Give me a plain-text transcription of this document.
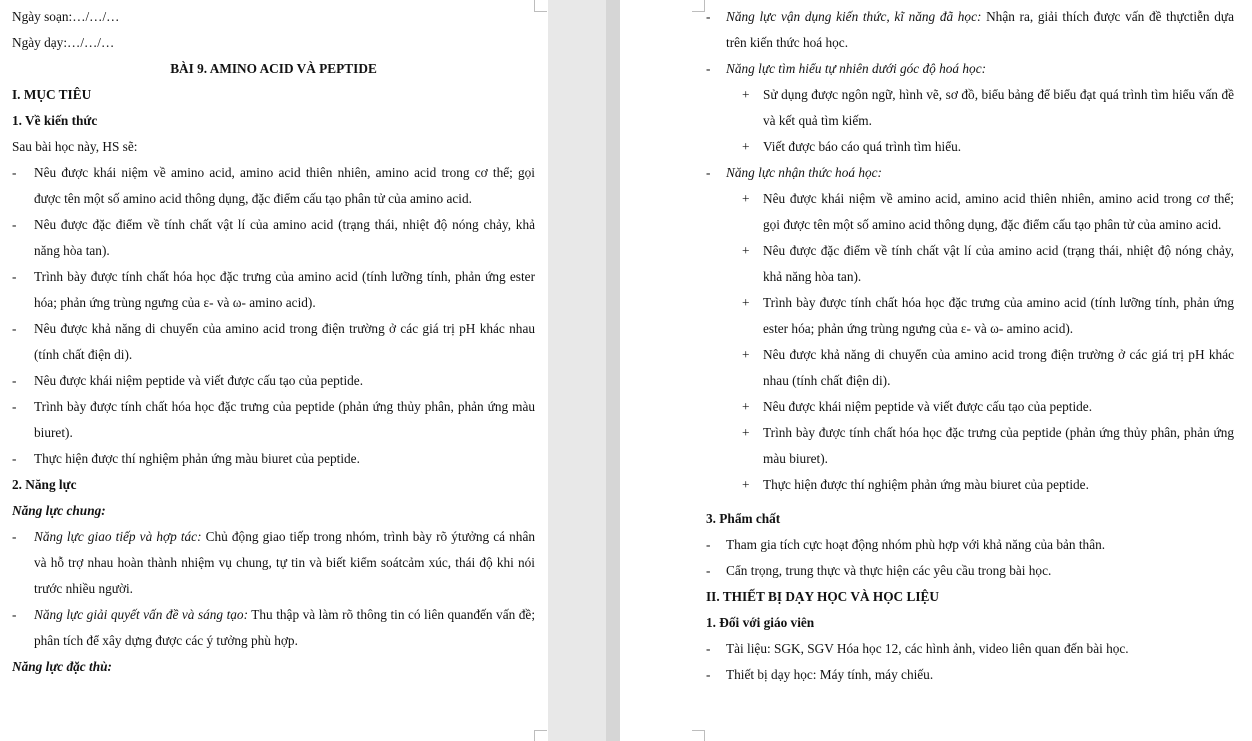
Ngày soạn:…/…/…
Ngày dạy:…/…/…
BÀI 9. AMINO ACID VÀ PEPTIDE
I. MỤC TIÊU
1. Về kiến thức
Sau bài học này, HS sẽ:
-	Nêu được khái niệm về amino acid, amino acid thiên nhiên, amino acid trong cơ thể; gọi được tên một số amino acid thông dụng, đặc điểm cấu tạo phân tử của amino acid.
-	Nêu được đặc điểm về tính chất vật lí của amino acid (trạng thái, nhiệt độ nóng chảy, khả năng hòa tan).
-	Trình bày được tính chất hóa học đặc trưng của amino acid (tính lưỡng tính, phản ứng ester hóa; phản ứng trùng ngưng của ε- và ω- amino acid).
-	Nêu được khả năng di chuyển của amino acid trong điện trường ở các giá trị pH khác nhau (tính chất điện di).
-	Nêu được khái niệm peptide và viết được cấu tạo của peptide.
-	Trình bày được tính chất hóa học đặc trưng của peptide (phản ứng thủy phân, phản ứng màu biuret).
-	Thực hiện được thí nghiệm phản ứng màu biuret của peptide.
2. Năng lực
Năng lực chung:
-	Năng lực giao tiếp và hợp tác: Chủ động giao tiếp trong nhóm, trình bày rõ ýtưởng cá nhân và hỗ trợ nhau hoàn thành nhiệm vụ chung, tự tin và biết kiểm soátcảm xúc, thái độ khi nói trước nhiều người.
-	Năng lực giải quyết vấn đề và sáng tạo: Thu thập và làm rõ thông tin có liên quanđến vấn đề; phân tích để xây dựng được các ý tưởng phù hợp.
Năng lực đặc thù:
-	Năng lực vận dụng kiến thức, kĩ năng đã học: Nhận ra, giải thích được vấn đề thựctiễn dựa trên kiến thức hoá học.
-	Năng lực tìm hiểu tự nhiên dưới góc độ hoá học:
+	Sử dụng được ngôn ngữ, hình vẽ, sơ đồ, biểu bảng để biểu đạt quá trình tìm hiểu vấn đề và kết quả tìm kiếm.
+	Viết được báo cáo quá trình tìm hiểu.
-	Năng lực nhận thức hoá học:
+	Nêu được khái niệm về amino acid, amino acid thiên nhiên, amino acid trong cơ thể; gọi được tên một số amino acid thông dụng, đặc điểm cấu tạo phân tử của amino acid.
+	Nêu được đặc điểm về tính chất vật lí của amino acid (trạng thái, nhiệt độ nóng chảy, khả năng hòa tan).
+	Trình bày được tính chất hóa học đặc trưng của amino acid (tính lưỡng tính, phản ứng ester hóa; phản ứng trùng ngưng của ε- và ω- amino acid).
+	Nêu được khả năng di chuyển của amino acid trong điện trường ở các giá trị pH khác nhau (tính chất điện di).
+	Nêu được khái niệm peptide và viết được cấu tạo của peptide.
+	Trình bày được tính chất hóa học đặc trưng của peptide (phản ứng thủy phân, phản ứng màu biuret).
+	Thực hiện được thí nghiệm phản ứng màu biuret của peptide.
3. Phẩm chất
-	Tham gia tích cực hoạt động nhóm phù hợp với khả năng của bản thân.
-	Cẩn trọng, trung thực và thực hiện các yêu cầu trong bài học.
II. THIẾT BỊ DẠY HỌC VÀ HỌC LIỆU
1. Đối với giáo viên
-	Tài liệu: SGK, SGV Hóa học 12, các hình ảnh, video liên quan đến bài học.
-	Thiết bị dạy học: Máy tính, máy chiếu.
